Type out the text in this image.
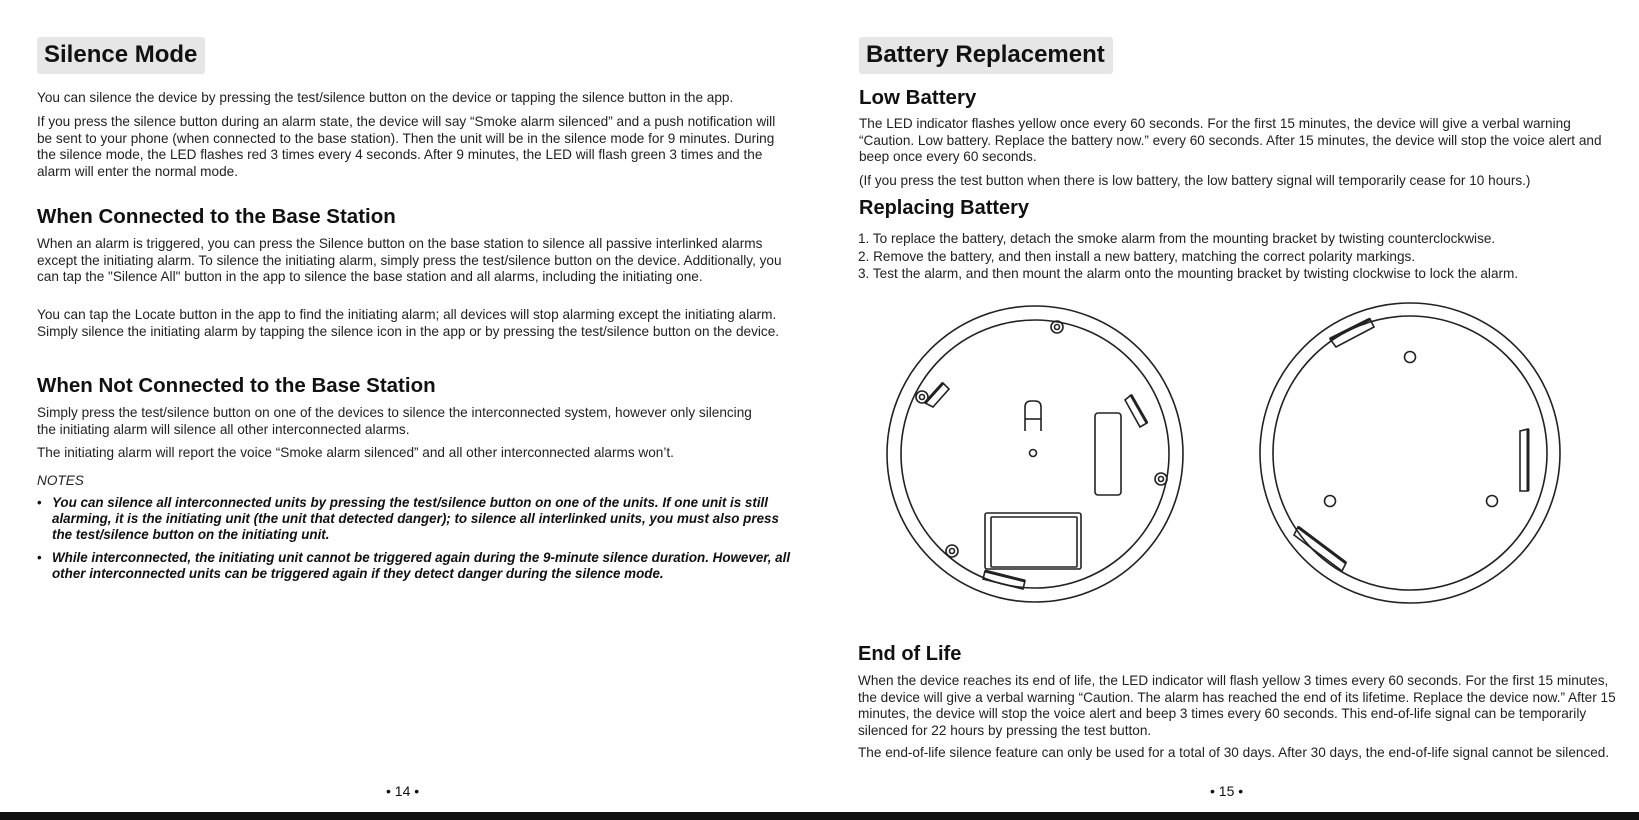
Silence Mode

You can silence the device by pressing the test/silence button on the device or tapping the silence button in the app.

If you press the silence button during an alarm state, the device will say “Smoke alarm silenced” and a push notification will be sent to your phone (when connected to the base station). Then the unit will be in the silence mode for 9 minutes. During the silence mode, the LED flashes red 3 times every 4 seconds. After 9 minutes, the LED will flash green 3 times and the alarm will enter the normal mode.

When Connected to the Base Station

When an alarm is triggered, you can press the Silence button on the base station to silence all passive interlinked alarms except the initiating alarm. To silence the initiating alarm, simply press the test/silence button on the device. Additionally, you can tap the "Silence All" button in the app to silence the base station and all alarms, including the initiating one.

You can tap the Locate button in the app to find the initiating alarm; all devices will stop alarming except the initiating alarm. Simply silence the initiating alarm by tapping the silence icon in the app or by pressing the test/silence button on the device.

When Not Connected to the Base Station

Simply press the test/silence button on one of the devices to silence the interconnected system, however only silencing the initiating alarm will silence all other interconnected alarms.

The initiating alarm will report the voice “Smoke alarm silenced” and all other interconnected alarms won’t.

NOTES

• You can silence all interconnected units by pressing the test/silence button on one of the units. If one unit is still alarming, it is the initiating unit (the unit that detected danger); to silence all interlinked units, you must also press the test/silence button on the initiating unit.
• While interconnected, the initiating unit cannot be triggered again during the 9-minute silence duration. However, all other interconnected units can be triggered again if they detect danger during the silence mode.
• 14 •
Battery Replacement
Low Battery

The LED indicator flashes yellow once every 60 seconds. For the first 15 minutes, the device will give a verbal warning “Caution. Low battery. Replace the battery now.” every 60 seconds. After 15 minutes, the device will stop the voice alert and beep once every 60 seconds.

(If you press the test button when there is low battery, the low battery signal will temporarily cease for 10 hours.)

Replacing Battery
1. To replace the battery, detach the smoke alarm from the mounting bracket by twisting counterclockwise.
2. Remove the battery, and then install a new battery, matching the correct polarity markings.
3. Test the alarm, and then mount the alarm onto the mounting bracket by twisting clockwise to lock the alarm.
End of Life

When the device reaches its end of life, the LED indicator will flash yellow 3 times every 60 seconds. For the first 15 minutes, the device will give a verbal warning “Caution. The alarm has reached the end of its lifetime. Replace the device now.” After 15 minutes, the device will stop the voice alert and beep 3 times every 60 seconds. This end-of-life signal can be temporarily silenced for 22 hours by pressing the test button.

The end-of-life silence feature can only be used for a total of 30 days. After 30 days, the end-of-life signal cannot be silenced.

• 15 •
